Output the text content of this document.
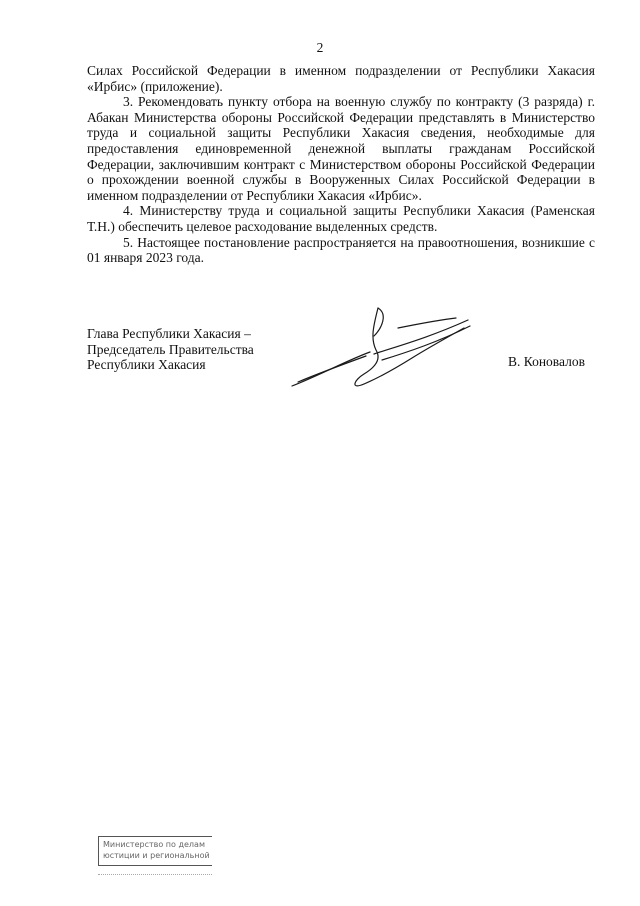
2

Силах Российской Федерации в именном подразделении от Республики Хакасия «Ирбис» (приложение).

3. Рекомендовать пункту отбора на военную службу по контракту (3 разряда) г. Абакан Министерства обороны Российской Федерации представлять в Министерство труда и социальной защиты Республики Хакасия сведения, необходимые для предоставления единовременной денежной выплаты гражданам Российской Федерации, заключившим контракт с Министерством обороны Российской Федерации о прохождении военной службы в Вооруженных Силах Российской Федерации в именном подразделении от Республики Хакасия «Ирбис».

4. Министерству труда и социальной защиты Республики Хакасия (Раменская Т.Н.) обеспечить целевое расходование выделенных средств.

5. Настоящее постановление распространяется на правоотношения, возникшие с 01 января 2023 года.

Глава Республики Хакасия –
Председатель Правительства
Республики Хакасия	В. Коновалов
Министерство по делам
юстиции и региональной
